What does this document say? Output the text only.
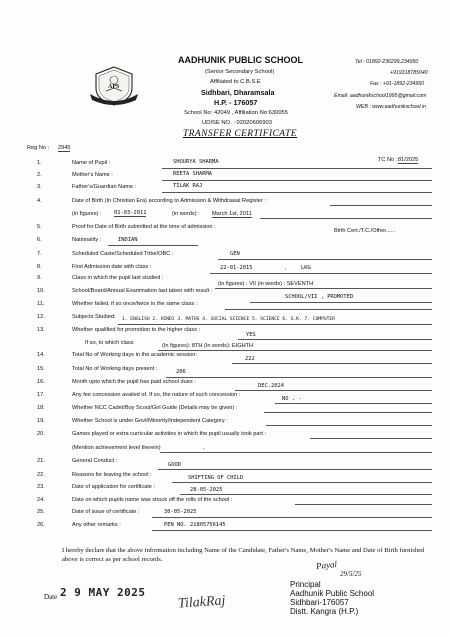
APS
AADHUNIK PUBLIC SCHOOL
(Senior Secondary School)
Affiliated to C.B.S.E
Sidhbari, Dharamsala
H.P. - 176057
School No: 42049 , Affiliation No:630055
UDISE NO. : 02020606903
Tel : 01892-236299,234950
+919318785040
Fax : +91-1892-234950
Email: aadhunikschool1995@gmail.com
WEB : www.aadhunikschool.in
TRANSFER CERTIFICATE
Reg No : 2945
TC No : 81/2025
1.	Name of Pupil :	SHOURYA SHARMA
2.	Mother's Name :	REETA SHARMA
3.	Father's/Guardian Name :	TILAK RAJ
4.	Date of Birth (In Christian Era) according to Admission & Withdrawal Register :
(in figures) : 01-03-2011	(in words) : March 1st, 2011
5.	Proof for Date of Birth submitted at the time of admission :
Birth Cert./T.C./Other......
6.	Nationality :	INDIAN
7.	Scheduled Caste/Scheduled Tribe/OBC :	GEN
8.	First Admission date with class :	22-01-2015	,	LKG
9.	Class in which the pupil last studied :
(in figures) : VII (in words) : SEVENTH
10.	School/Board/Annual Examination last taken with result :
SCHOOL/VII , PROMOTED
11.	Whether failed, if so once/twice in the same class :
12.	Subjects Studied: 1. ENGLISH 2. HINDI 3. MATHS 4. SOCIAL SCIENCE 5. SCIENCE 6. G.K. 7. COMPUTER
13.	Whether qualified for promotion to the higher class :
YES
If so, to which class	(In figures): 8TH (In words): EIGHTH
14.	Total No of Working days in the academic session:
222
15.	Total No of Working days present :	206
16.	Month upto which the pupil has paid school dues :
DEC.2024
17.	Any fee concession availed of. If so, the nature of such concession :
NO , -
18.	Whether NCC Cadet/Boy Scout/Girl Guide (Details may be given) :
19.	Whether School is under Govt/Minority/Independent Category :
20.	Games played or extra curricular activities in which the pupil usually took part :
(Mention achievement level therein)	-
21.	General Conduct :
GOOD
22.	Reasons for leaving the school :	SHIFTING OF CHILD
23.	Date of application for certificate :	28-05-2025
24.	Date on which pupils name was struck off the rolls of the school :
25.	Date of issue of certificate :	30-05-2025
26.	Any other remarks :	PEN NO. 21805756145
I hereby declare that the above information including Name of the Candidate, Father's Name, Mother's Name and Date of Birth furnished above is correct as per school records.
Date 2 9 MAY 2025
TilakRaj
Payal
29/5/25
Principal
Aadhunik Public School
Sidhbari-176057
Distt. Kangra (H.P.)
